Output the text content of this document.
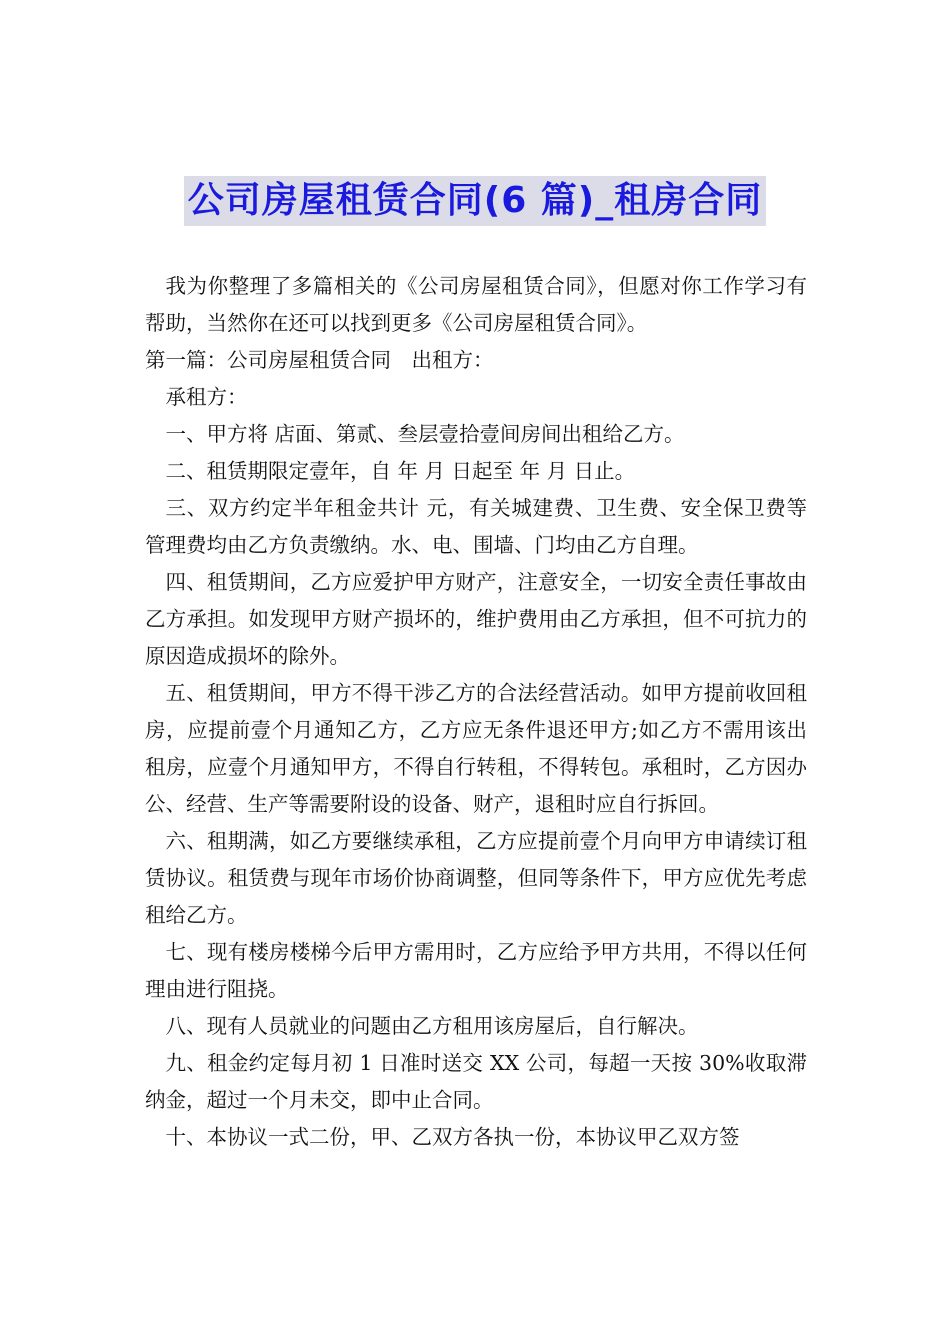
公司房屋租赁合同(6 篇)_租房合同

我为你整理了多篇相关的《公司房屋租赁合同》，但愿对你工作学习有帮助，当然你在还可以找到更多《公司房屋租赁合同》。

第一篇：公司房屋租赁合同　出租方：

承租方：

一、甲方将 店面、第贰、叁层壹拾壹间房间出租给乙方。

二、租赁期限定壹年，自 年 月 日起至 年 月 日止。

三、双方约定半年租金共计 元，有关城建费、卫生费、安全保卫费等管理费均由乙方负责缴纳。水、电、围墙、门均由乙方自理。

四、租赁期间，乙方应爱护甲方财产，注意安全，一切安全责任事故由乙方承担。如发现甲方财产损坏的，维护费用由乙方承担，但不可抗力的原因造成损坏的除外。

五、租赁期间，甲方不得干涉乙方的合法经营活动。如甲方提前收回租房，应提前壹个月通知乙方，乙方应无条件退还甲方;如乙方不需用该出租房，应壹个月通知甲方，不得自行转租，不得转包。承租时，乙方因办公、经营、生产等需要附设的设备、财产，退租时应自行拆回。

六、租期满，如乙方要继续承租，乙方应提前壹个月向甲方申请续订租赁协议。租赁费与现年市场价协商调整，但同等条件下，甲方应优先考虑租给乙方。

七、现有楼房楼梯今后甲方需用时，乙方应给予甲方共用，不得以任何理由进行阻挠。

八、现有人员就业的问题由乙方租用该房屋后，自行解决。

九、租金约定每月初 1 日准时送交 XX 公司，每超一天按 30%收取滞纳金，超过一个月未交，即中止合同。

十、本协议一式二份，甲、乙双方各执一份，本协议甲乙双方签
